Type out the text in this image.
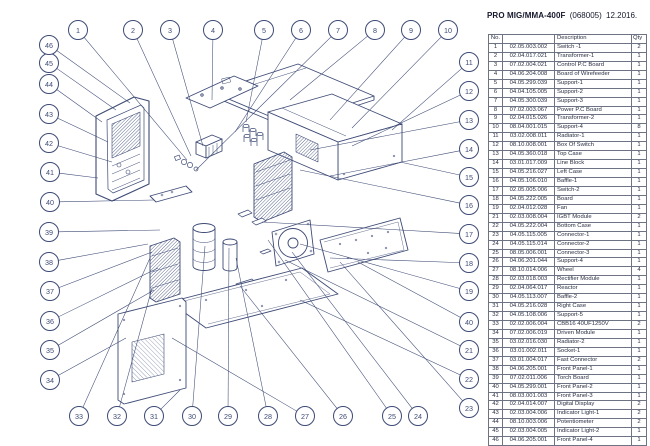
1	2	3	4	5	6	7	8	9	10
11
12
13
14
15
16
17
18
19
40
21
22
23
24
25
26
27
28
29
30
31
32
33
34
35
36
37
38
39
40
41
42
43
44
45
46
PRO MIG/MMA-400F (068005) 12.2016.
No.		Description	Qty
1	02.05.003.002	Switch -1	2
2	02.04.017.021	Transformer-1	1
3	07.02.004.021	Control P.C Board	1
4	04.06.204.008	Board of Wirefeeder	1
5	04.05.299.039	Support-1	1
6	04.04.105.005	Support-2	1
7	04.05.300.039	Support-3	1
8	07.02.003.067	Power P.C Board	1
9	02.04.015.026	Transformer-2	1
10	08.04.001.015	Support-4	8
11	03.02.008.011	Radiator-1	1
12	08.10.008.001	Box Of Switch	1
13	04.05.360.018	Top Case	1
14	03.01.017.009	Line Block	1
15	04.05.216.027	Left Case	1
16	04.05.106.010	Baffle-1	1
17	02.05.005.006	Switch-2	1
18	04.05.222.005	Board	1
19	02.04.012.028	Fan	1
21	02.03.008.004	IGBT Module	2
22	04.05.222.004	Bottom Case	1
23	04.05.115.005	Connector-1	1
24	04.05.115.014	Connector-2	1
25	08.05.006.001	Connector-3	1
26	04.06.201.044	Support-4	1
27	08.10.014.006	Wheel	4
28	02.03.018.003	Rectifier Module	1
29	02.04.064.017	Reactor	1
30	04.05.113.007	Baffle-2	1
31	04.05.216.028	Right Case	1
32	04.05.108.006	Support-5	1
33	02.02.006.004	CBB16 40UF1250V	2
34	07.02.006.019	Driven Module	1
35	03.02.016.030	Radiator-2	1
36	03.01.002.011	Socket-1	1
37	03.01.004.017	Fast Connector	2
38	04.06.205.001	Front Panel-1	1
39	07.02.011.006	Torch Board	1
40	04.05.299.001	Front Panel-2	1
41	08.03.001.003	Front Panel-3	1
42	02.04.014.007	Digital Display	2
43	02.03.004.006	Indicator Light-1	2
44	08.10.003.006	Potentiometer	2
45	02.03.004.005	Indicator Light-2	1
46	04.06.205.001	Front Panel-4	1
